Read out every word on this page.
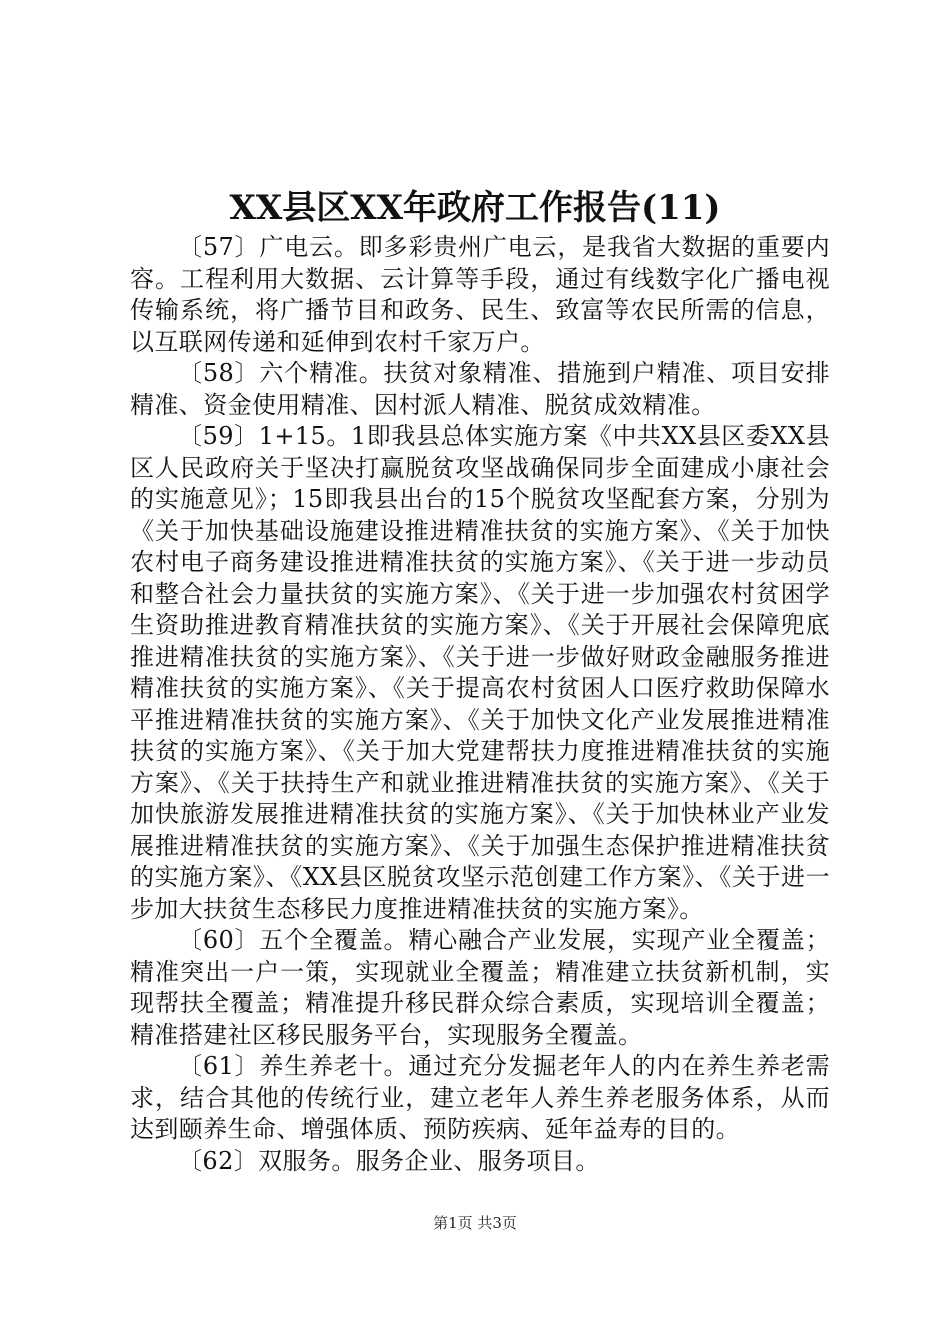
XX县区XX年政府工作报告(11)

〔57〕广电云。即多彩贵州广电云，是我省大数据的重要内容。工程利用大数据、云计算等手段，通过有线数字化广播电视传输系统，将广播节目和政务、民生、致富等农民所需的信息，以互联网传递和延伸到农村千家万户。

〔58〕六个精准。扶贫对象精准、措施到户精准、项目安排精准、资金使用精准、因村派人精准、脱贫成效精准。

〔59〕1+15。1即我县总体实施方案《中共XX县区委XX县区人民政府关于坚决打赢脱贫攻坚战确保同步全面建成小康社会的实施意见》；15即我县出台的15个脱贫攻坚配套方案，分别为《关于加快基础设施建设推进精准扶贫的实施方案》、《关于加快农村电子商务建设推进精准扶贫的实施方案》、《关于进一步动员和整合社会力量扶贫的实施方案》、《关于进一步加强农村贫困学生资助推进教育精准扶贫的实施方案》、《关于开展社会保障兜底推进精准扶贫的实施方案》、《关于进一步做好财政金融服务推进精准扶贫的实施方案》、《关于提高农村贫困人口医疗救助保障水平推进精准扶贫的实施方案》、《关于加快文化产业发展推进精准扶贫的实施方案》、《关于加大党建帮扶力度推进精准扶贫的实施方案》、《关于扶持生产和就业推进精准扶贫的实施方案》、《关于加快旅游发展推进精准扶贫的实施方案》、《关于加快林业产业发展推进精准扶贫的实施方案》、《关于加强生态保护推进精准扶贫的实施方案》、《XX县区脱贫攻坚示范创建工作方案》、《关于进一步加大扶贫生态移民力度推进精准扶贫的实施方案》。

〔60〕五个全覆盖。精心融合产业发展，实现产业全覆盖；精准突出一户一策，实现就业全覆盖；精准建立扶贫新机制，实现帮扶全覆盖；精准提升移民群众综合素质，实现培训全覆盖；精准搭建社区移民服务平台，实现服务全覆盖。

〔61〕养生养老十。通过充分发掘老年人的内在养生养老需求，结合其他的传统行业，建立老年人养生养老服务体系，从而达到颐养生命、增强体质、预防疾病、延年益寿的目的。

〔62〕双服务。服务企业、服务项目。

第1页 共3页
